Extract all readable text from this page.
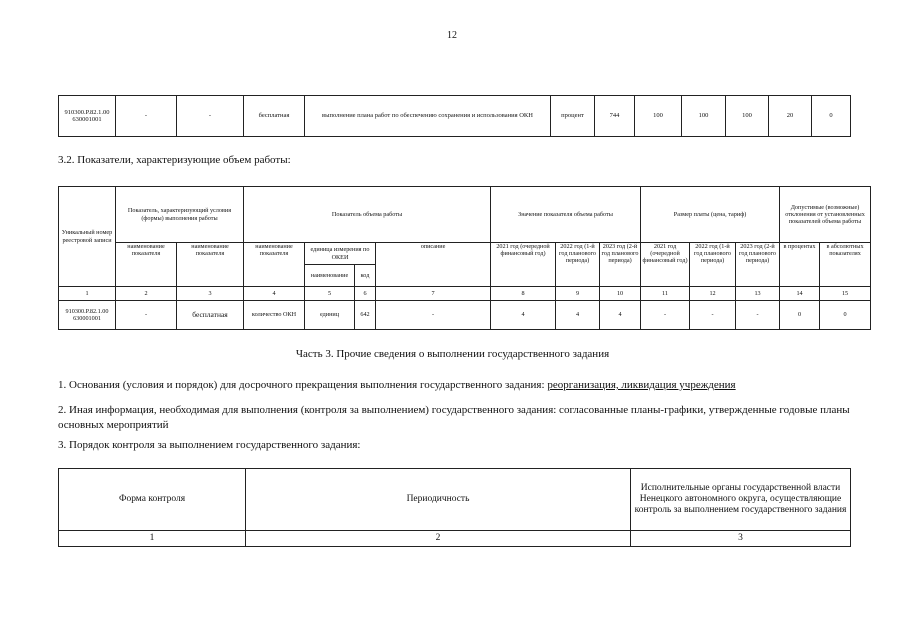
12
910300.Р.82.1.00 630001001	-	-	бесплатная	выполнение плана работ по обеспечению сохранения и использования ОКН	процент	744	100	100	100	20	0
3.2. Показатели, характеризующие объем работы:
Уникальный номер реестровой записи	Показатель, характеризующий условия (формы) выполнения работы		Показатель объема работы				Значение показателя объема работы			Размер платы (цена, тариф)			Допустимые (возможные) отклонения от установленных показателей объема работы	
	наименование показателя	наименование показателя	наименование показателя	единица измерения по ОКЕИ		описание	2021 год (очередной финансовый год)	2022 год (1-й год планового периода)	2023 год (2-й год планового периода)	2021 год (очередной финансовый год)	2022 год (1-й год планового периода)	2023 год (2-й год планового периода)	в процентах	в абсолютных показателях
				наименование	код									
1	2	3	4	5	6	7	8	9	10	11	12	13	14	15
910300.Р.82.1.00 630001001	-	бесплатная	количество ОКН	единиц	642	-	4	4	4	-	-	-	0	0
Часть 3. Прочие сведения о выполнении государственного задания
1. Основания (условия и порядок) для досрочного прекращения выполнения государственного задания: реорганизация, ликвидация учреждения
2. Иная информация, необходимая для выполнения (контроля за выполнением) государственного задания: согласованные планы-графики, утвержденные годовые планы основных мероприятий
3. Порядок контроля за выполнением государственного задания:
Форма контроля	Периодичность	Исполнительные органы государственной власти Ненецкого автономного округа, осуществляющие контроль за выполнением государственного задания
1	2	3
